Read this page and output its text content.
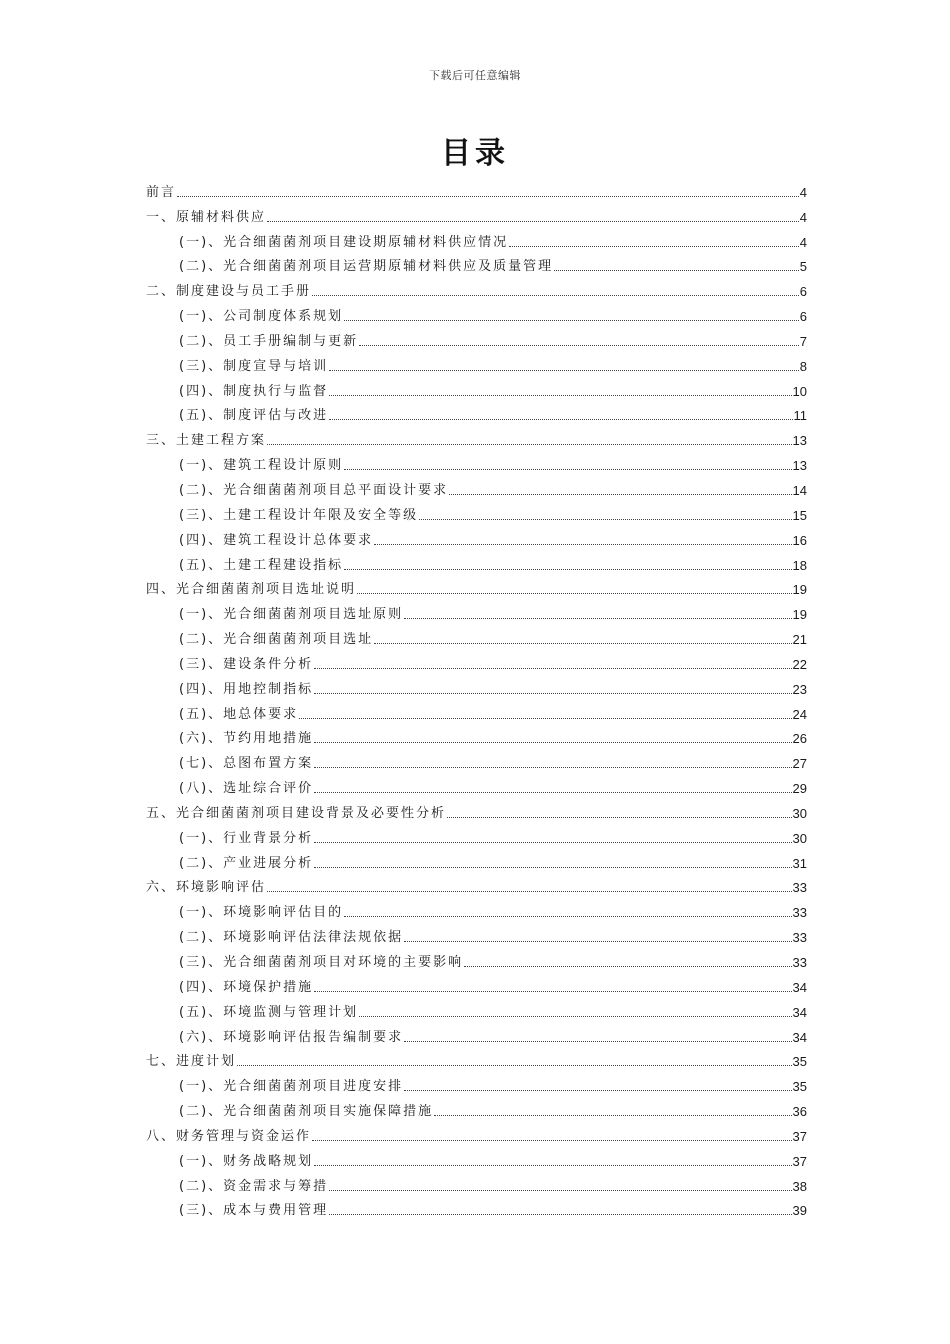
下载后可任意编辑
目录
前言	4
一、原辅材料供应	4
(一)、光合细菌菌剂项目建设期原辅材料供应情况	4
(二)、光合细菌菌剂项目运营期原辅材料供应及质量管理	5
二、制度建设与员工手册	6
(一)、公司制度体系规划	6
(二)、员工手册编制与更新	7
(三)、制度宣导与培训	8
(四)、制度执行与监督	10
(五)、制度评估与改进	11
三、土建工程方案	13
(一)、建筑工程设计原则	13
(二)、光合细菌菌剂项目总平面设计要求	14
(三)、土建工程设计年限及安全等级	15
(四)、建筑工程设计总体要求	16
(五)、土建工程建设指标	18
四、光合细菌菌剂项目选址说明	19
(一)、光合细菌菌剂项目选址原则	19
(二)、光合细菌菌剂项目选址	21
(三)、建设条件分析	22
(四)、用地控制指标	23
(五)、地总体要求	24
(六)、节约用地措施	26
(七)、总图布置方案	27
(八)、选址综合评价	29
五、光合细菌菌剂项目建设背景及必要性分析	30
(一)、行业背景分析	30
(二)、产业进展分析	31
六、环境影响评估	33
(一)、环境影响评估目的	33
(二)、环境影响评估法律法规依据	33
(三)、光合细菌菌剂项目对环境的主要影响	33
(四)、环境保护措施	34
(五)、环境监测与管理计划	34
(六)、环境影响评估报告编制要求	34
七、进度计划	35
(一)、光合细菌菌剂项目进度安排	35
(二)、光合细菌菌剂项目实施保障措施	36
八、财务管理与资金运作	37
(一)、财务战略规划	37
(二)、资金需求与筹措	38
(三)、成本与费用管理	39
